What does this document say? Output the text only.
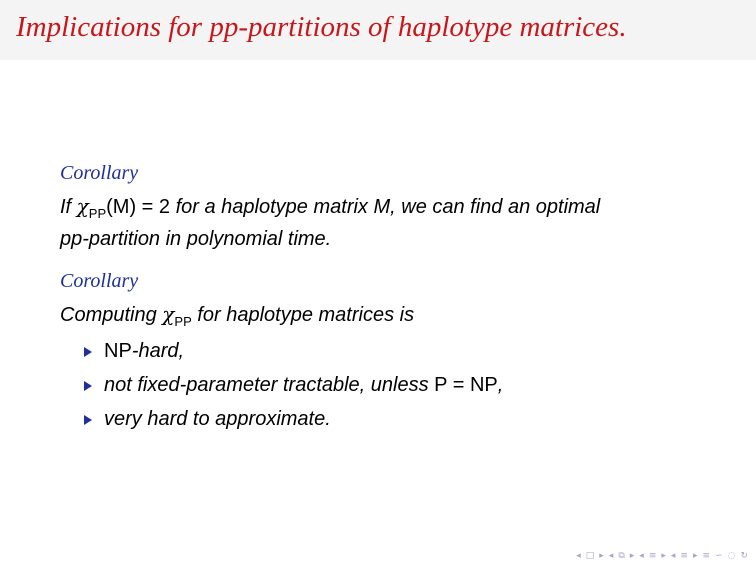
Implications for pp-partitions of haplotype matrices.
Corollary
If $\chi_{PP}(M) = 2$ for a haplotype matrix M, we can find an optimal
pp-partition in polynomial time.
Corollary
Computing $\chi_{PP}$ for haplotype matrices is
NP-hard,
not fixed-parameter tractable, unless P = NP,
very hard to approximate.
◂ □ ▸ ◂ ⧉ ▸ ◂ ≡ ▸ ◂ ≡ ▸ ≡ ∽ ◌ ↻
